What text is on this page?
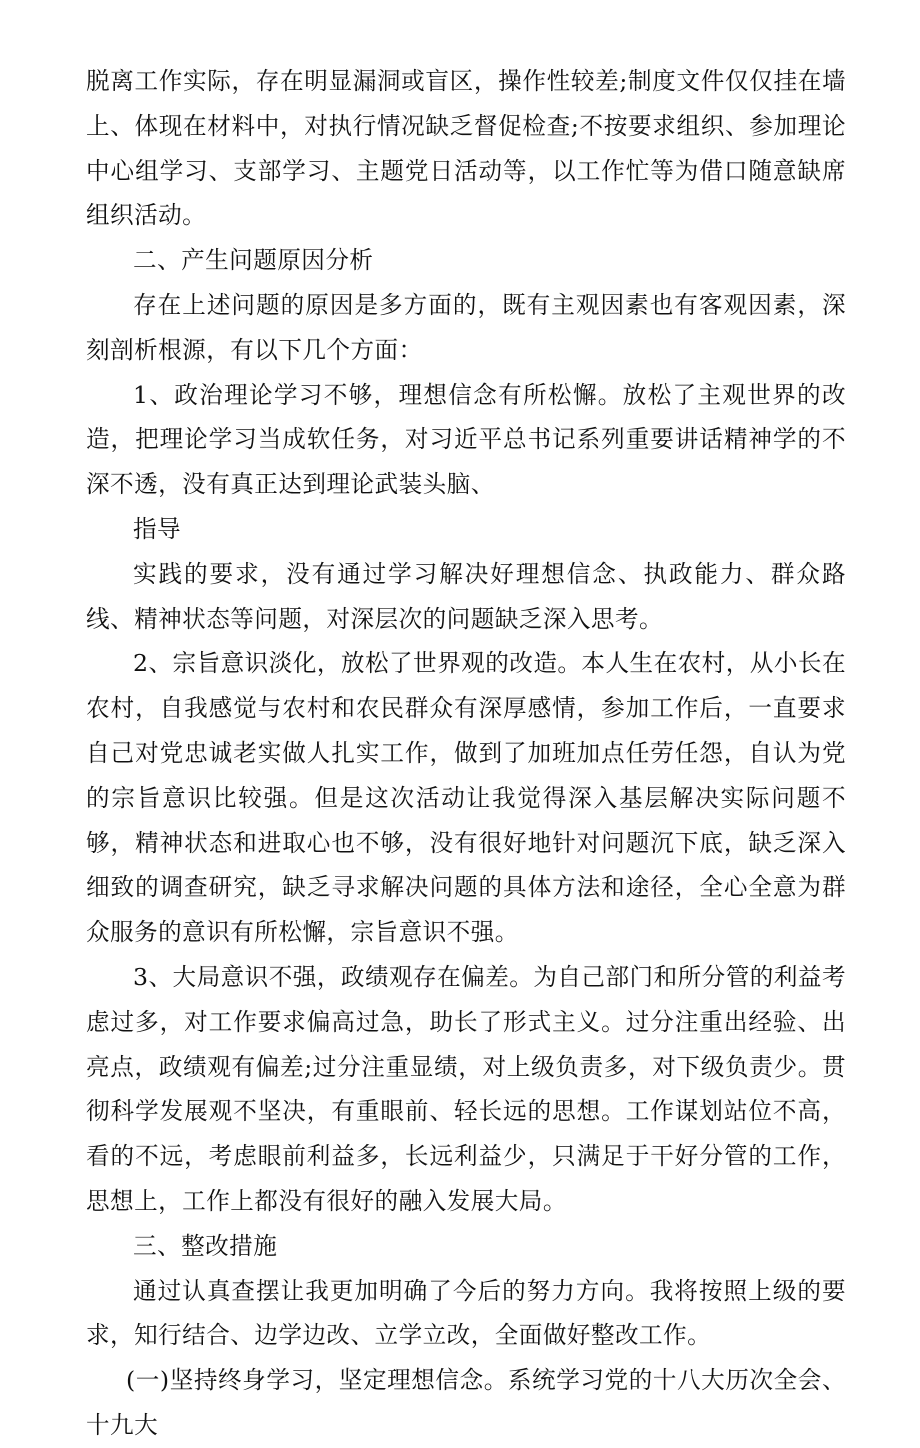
脱离工作实际，存在明显漏洞或盲区，操作性较差;制度文件仅仅挂在墙上、体现在材料中，对执行情况缺乏督促检查;不按要求组织、参加理论中心组学习、支部学习、主题党日活动等，以工作忙等为借口随意缺席组织活动。

二、产生问题原因分析

存在上述问题的原因是多方面的，既有主观因素也有客观因素，深刻剖析根源，有以下几个方面：

1、政治理论学习不够，理想信念有所松懈。放松了主观世界的改造，把理论学习当成软任务，对习近平总书记系列重要讲话精神学的不深不透，没有真正达到理论武装头脑、

指导

实践的要求，没有通过学习解决好理想信念、执政能力、群众路线、精神状态等问题，对深层次的问题缺乏深入思考。

2、宗旨意识淡化，放松了世界观的改造。本人生在农村，从小长在农村，自我感觉与农村和农民群众有深厚感情，参加工作后，一直要求自己对党忠诚老实做人扎实工作，做到了加班加点任劳任怨，自认为党的宗旨意识比较强。但是这次活动让我觉得深入基层解决实际问题不够，精神状态和进取心也不够，没有很好地针对问题沉下底，缺乏深入细致的调查研究，缺乏寻求解决问题的具体方法和途径，全心全意为群众服务的意识有所松懈，宗旨意识不强。

3、大局意识不强，政绩观存在偏差。为自己部门和所分管的利益考虑过多，对工作要求偏高过急，助长了形式主义。过分注重出经验、出亮点，政绩观有偏差;过分注重显绩，对上级负责多，对下级负责少。贯彻科学发展观不坚决，有重眼前、轻长远的思想。工作谋划站位不高，看的不远，考虑眼前利益多，长远利益少，只满足于干好分管的工作，思想上，工作上都没有很好的融入发展大局。

三、整改措施

通过认真查摆让我更加明确了今后的努力方向。我将按照上级的要求，知行结合、边学边改、立学立改，全面做好整改工作。

(一)坚持终身学习，坚定理想信念。系统学习党的十八大历次全会、十九大
